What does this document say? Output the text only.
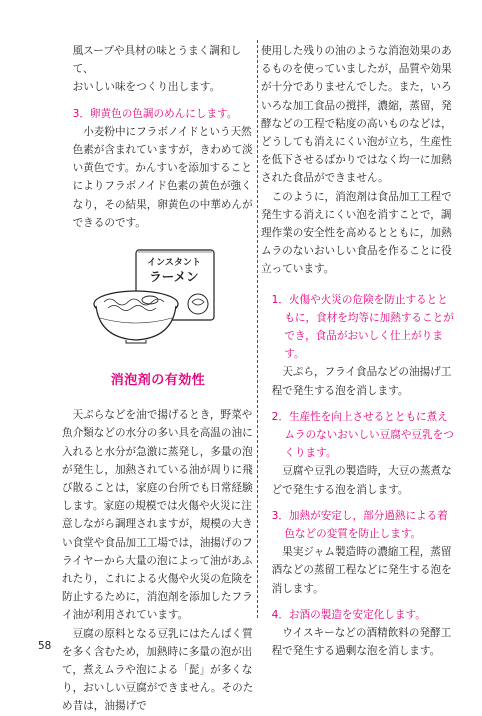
風スープや具材の味とうまく調和して、

おいしい味をつくり出します。

3．卵黄色の色調のめんにします。

小麦粉中にフラボノイドという天然色素が含まれていますが，きわめて淡い黄色です。かんすいを添加することによりフラボノイド色素の黄色が強くなり，その結果，卵黄色の中華めんができるのです。

インスタント
ラーメン

消泡剤の有効性

天ぷらなどを油で揚げるとき，野菜や魚介類などの水分の多い具を高温の油に入れると水分が急激に蒸発し，多量の泡が発生し，加熱されている油が周りに飛び散ることは，家庭の台所でも日常経験します。家庭の規模では火傷や火災に注意しながら調理されますが，規模の大きい食堂や食品加工工場では，油揚げのフライヤーから大量の泡によって油があふれたり，これによる火傷や火災の危険を防止するために，消泡剤を添加したフライ油が利用されています。

豆腐の原料となる豆乳にはたんぱく質を多く含むため，加熱時に多量の泡が出て，煮えムラや泡による「髭」が多くなり，おいしい豆腐ができません。そのため昔は，油揚げで

使用した残りの油のような消泡効果のあるものを使っていましたが，品質や効果が十分でありませんでした。また，いろいろな加工食品の撹拌，濃縮，蒸留，発酵などの工程で粘度の高いものなどは，どうしても消えにくい泡が立ち，生産性を低下させるばかりではなく均一に加熱された食品ができません。

このように，消泡剤は食品加工工程で発生する消えにくい泡を消すことで，調理作業の安全性を高めるとともに，加熱ムラのないおいしい食品を作ることに役立っています。

1．火傷や火災の危険を防止するとともに，食材を均等に加熱することができ，食品がおいしく仕上がります。

天ぷら，フライ食品などの油揚げ工程で発生する泡を消します。

2．生産性を向上させるとともに煮えムラのないおいしい豆腐や豆乳をつくります。

豆腐や豆乳の製造時，大豆の蒸煮などで発生する泡を消します。

3．加熱が安定し，部分過熱による着色などの変質を防止します。

果実ジャム製造時の濃縮工程，蒸留酒などの蒸留工程などに発生する泡を消します。

4．お酒の製造を安定化します。

ウイスキーなどの酒精飲料の発酵工程で発生する過剰な泡を消します。

58
